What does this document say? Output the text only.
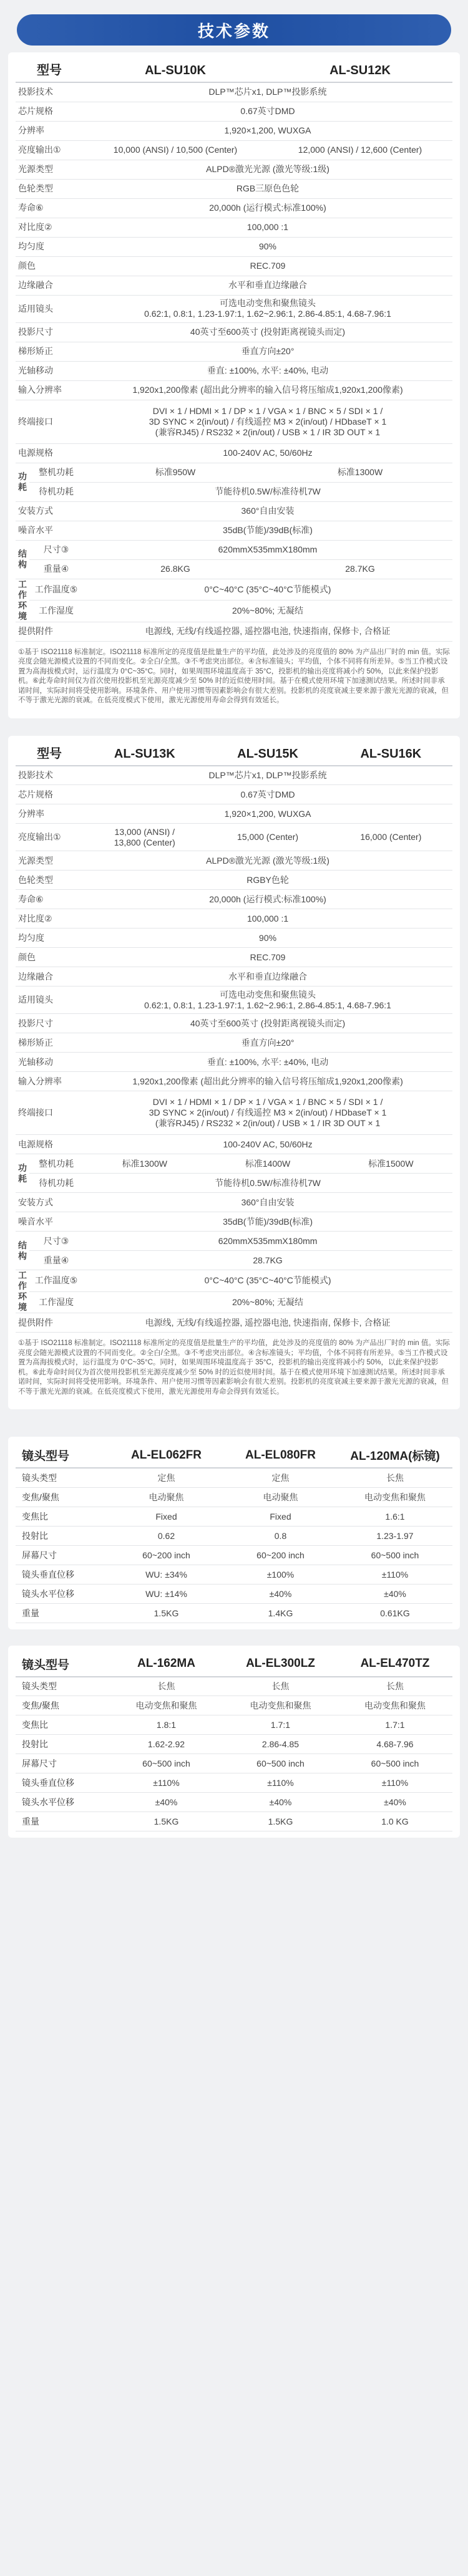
技术参数
型号		AL-SU10K	AL-SU12K
投影技术		DLP™芯片x1, DLP™投影系统	
芯片规格		0.67英寸DMD	
分辨率		1,920×1,200, WUXGA	
亮度输出①		10,000 (ANSI) / 10,500 (Center)	12,000 (ANSI) / 12,600 (Center)
光源类型		ALPD®激光光源 (激光等级:1级)	
色轮类型		RGB三原色色轮	
寿命⑥		20,000h (运行模式:标准100%)	
对比度②		100,000 :1	
均匀度		90%	
颜色		REC.709	
边缘融合		水平和垂直边缘融合	
适用镜头		可选电动变焦和聚焦镜头
0.62:1, 0.8:1, 1.23-1.97:1, 1.62~2.96:1, 2.86-4.85:1, 4.68-7.96:1	
投影尺寸		40英寸至600英寸 (投射距离视镜头而定)	
梯形矫正		垂直方向±20°	
光轴移动		垂直: ±100%, 水平: ±40%, 电动	
输入分辨率		1,920x1,200像素 (超出此分辨率的输入信号将压缩成1,920x1,200像素)	
终端接口		DVI × 1 / HDMI × 1 / DP × 1 / VGA × 1 / BNC × 5 / SDI × 1 /
3D SYNC × 2(in/out) / 有线遥控 M3 × 2(in/out) / HDbaseT × 1
(兼容RJ45) / RS232 × 2(in/out) / USB × 1 / IR 3D OUT × 1	
电源规格		100-240V AC, 50/60Hz	
功耗	整机功耗	标准950W	标准1300W
	待机功耗	节能待机0.5W/标准待机7W	
安装方式		360°自由安装	
噪音水平		35dB(节能)/39dB(标准)	
结构	尺寸③	620mmX535mmX180mm	
	重量④	26.8KG	28.7KG
工作环境	工作温度⑤	0°C~40°C (35°C~40°C节能模式)	
	工作湿度	20%~80%; 无凝结	
提供附件		电源线, 无线/有线遥控器, 遥控器电池, 快速指南, 保修卡, 合格证	
①基于 ISO21118 标准制定。ISO21118 标准所定的亮度值是批量生产的平均值，此处涉及的亮度值的 80% 为产品出厂时的 min 值。实际亮度会随光源模式设置的不同而变化。②全白/全黑。③不考虑突出部位。④含标准镜头；平均值，个体不同将有所差异。⑤当工作模式设置为高海拔模式时，运行温度为 0°C~35°C。同时，如果周围环境温度高于 35°C，投影机的输出亮度将减小约 50%，以此来保护投影机。⑥此寿命时间仅为首次使用投影机至光源亮度减少至 50% 时的近似使用时间。基于在模式使用环境下加速测试结果。所述时间非承诺时间，实际时间将受使用影响。环境条件、用户使用习惯等因素影响会有很大差别。投影机的亮度衰减主要来源于激光光源的衰减，但不等于激光光源的衰减。在低亮度模式下使用，激光光源使用寿命会得到有效延长。
型号		AL-SU13K	AL-SU15K	AL-SU16K
投影技术		DLP™芯片x1, DLP™投影系统		
芯片规格		0.67英寸DMD		
分辨率		1,920×1,200, WUXGA		
亮度输出①		13,000 (ANSI) /
13,800 (Center)	15,000 (Center)	16,000 (Center)
光源类型		ALPD®激光光源 (激光等级:1级)		
色轮类型		RGBY色轮		
寿命⑥		20,000h (运行模式:标准100%)		
对比度②		100,000 :1		
均匀度		90%		
颜色		REC.709		
边缘融合		水平和垂直边缘融合		
适用镜头		可选电动变焦和聚焦镜头
0.62:1, 0.8:1, 1.23-1.97:1, 1.62~2.96:1, 2.86-4.85:1, 4.68-7.96:1		
投影尺寸		40英寸至600英寸 (投射距离视镜头而定)		
梯形矫正		垂直方向±20°		
光轴移动		垂直: ±100%, 水平: ±40%, 电动		
输入分辨率		1,920x1,200像素 (超出此分辨率的输入信号将压缩成1,920x1,200像素)		
终端接口		DVI × 1 / HDMI × 1 / DP × 1 / VGA × 1 / BNC × 5 / SDI × 1 /
3D SYNC × 2(in/out) / 有线遥控 M3 × 2(in/out) / HDbaseT × 1
(兼容RJ45) / RS232 × 2(in/out) / USB × 1 / IR 3D OUT × 1		
电源规格		100-240V AC, 50/60Hz		
功耗	整机功耗	标准1300W	标准1400W	标准1500W
	待机功耗	节能待机0.5W/标准待机7W		
安装方式		360°自由安装		
噪音水平		35dB(节能)/39dB(标准)		
结构	尺寸③	620mmX535mmX180mm		
	重量④	28.7KG		
工作环境	工作温度⑤	0°C~40°C (35°C~40°C节能模式)		
	工作湿度	20%~80%; 无凝结		
提供附件		电源线, 无线/有线遥控器, 遥控器电池, 快速指南, 保修卡, 合格证		
①基于 ISO21118 标准制定。ISO21118 标准所定的亮度值是批量生产的平均值，此处涉及的亮度值的 80% 为产品出厂时的 min 值。实际亮度会随光源模式设置的不同而变化。②全白/全黑。③不考虑突出部位。④含标准镜头；平均值，个体不同将有所差异。⑤当工作模式设置为高海拔模式时，运行温度为 0°C~35°C。同时，如果周围环境温度高于 35°C，投影机的输出亮度将减小约 50%，以此来保护投影机。⑥此寿命时间仅为首次使用投影机至光源亮度减少至 50% 时的近似使用时间。基于在模式使用环境下加速测试结果。所述时间非承诺时间，实际时间将受使用影响。环境条件、用户使用习惯等因素影响会有很大差别。投影机的亮度衰减主要来源于激光光源的衰减，但不等于激光光源的衰减。在低亮度模式下使用，激光光源使用寿命会得到有效延长。
镜头型号	AL-EL062FR	AL-EL080FR	AL-120MA(标镜)
镜头类型	定焦	定焦	长焦
变焦/聚焦	电动聚焦	电动聚焦	电动变焦和聚焦
变焦比	Fixed	Fixed	1.6:1
投射比	0.62	0.8	1.23-1.97
屏幕尺寸	60~200 inch	60~200 inch	60~500 inch
镜头垂直位移	WU: ±34%	±100%	±110%
镜头水平位移	WU: ±14%	±40%	±40%
重量	1.5KG	1.4KG	0.61KG
镜头型号	AL-162MA	AL-EL300LZ	AL-EL470TZ
镜头类型	长焦	长焦	长焦
变焦/聚焦	电动变焦和聚焦	电动变焦和聚焦	电动变焦和聚焦
变焦比	1.8:1	1.7:1	1.7:1
投射比	1.62-2.92	2.86-4.85	4.68-7.96
屏幕尺寸	60~500 inch	60~500 inch	60~500 inch
镜头垂直位移	±110%	±110%	±110%
镜头水平位移	±40%	±40%	±40%
重量	1.5KG	1.5KG	1.0 KG
